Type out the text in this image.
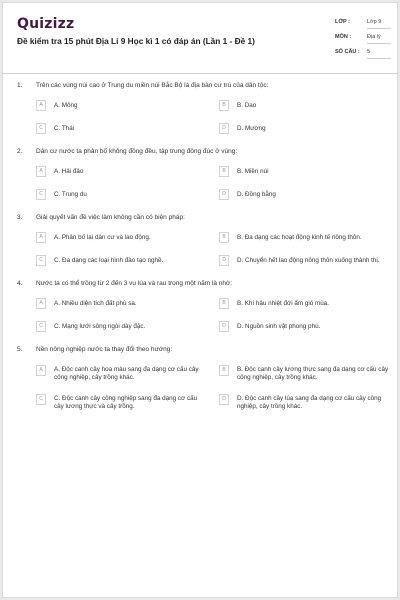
Quizizz
Đề kiểm tra 15 phút Địa Lí 9 Học kì 1 có đáp án (Lần 1 - Đề 1)
LỚP :	Lớp 9
MÔN :	Địa lý
SỐ CÂU : 5
1. Trên các vùng núi cao ở Trung du miền núi Bắc Bộ là địa bàn cư trú của dân tộc:
A	A. Mông	B	B. Dao
C	C. Thái	D	D. Mường
2. Dân cư nước ta phân bố không đồng đều, tập trung đông đúc ở vùng:
A	A. Hải đảo	B	B. Miền núi
C	C. Trung du	D	D. Đồng bằng
3. Giải quyết vấn đề việc làm không cần có biện pháp:
A	A. Phân bố lại dân cư và lao động.	B	B. Đa dạng các hoạt động kinh tế nông thôn.
C	C. Đa dạng các loại hình đào tạo nghề.	D	D. Chuyển hết lao động nông thôn xuống thành thị.
4. Nước ta có thể trồng từ 2 đến 3 vụ lúa và rau trong một năm là nhờ:
A	A. Nhiều diện tích đất phù sa.	B	B. Khí hậu nhiệt đới ẩm gió mùa.
C	C. Mạng lưới sông ngòi dày đặc.	D	D. Nguồn sinh vật phong phú.
5. Nền nông nghiệp nước ta thay đổi theo hướng:
A	A. Độc canh cây hoa màu sang đa dạng cơ cấu cây công nghiệp, cây trồng khác.
B	B. Độc canh cây lương thực sang đa dạng cơ cấu cây công nghiệp, cây trồng khác.
C	C. Độc canh cây công nghiệp sang đa dạng cơ cấu cây lương thực và cây trồng.
D	D. Độc canh cây lúa sang đa dạng cơ cấu cây công nghiệp, cây trồng khác.
